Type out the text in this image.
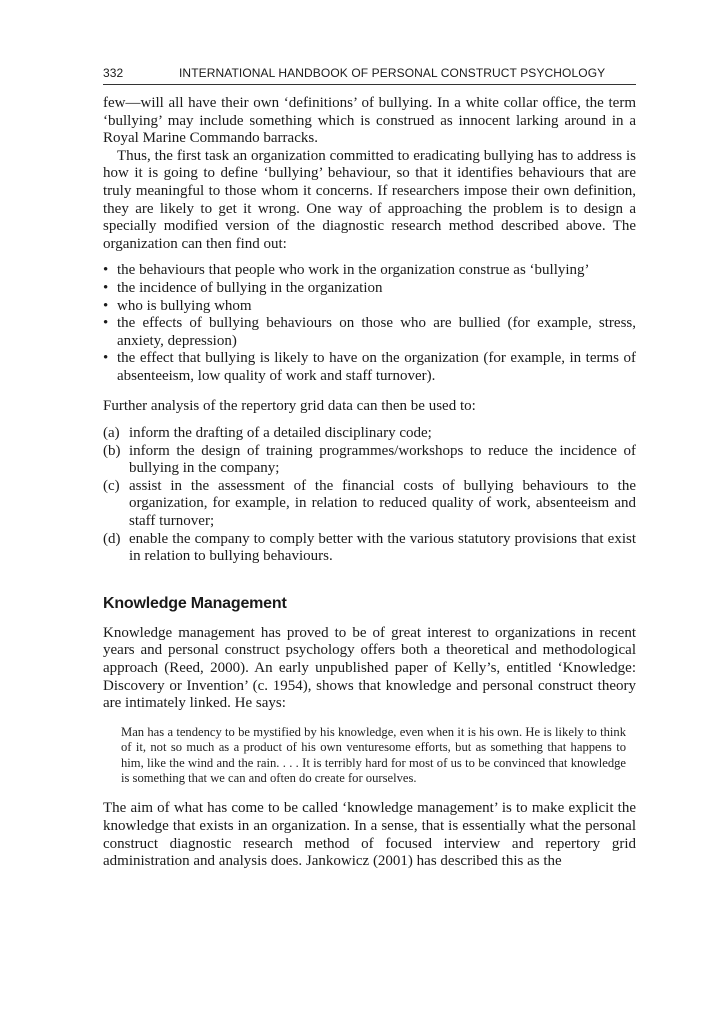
332	INTERNATIONAL HANDBOOK OF PERSONAL CONSTRUCT PSYCHOLOGY

few—will all have their own ‘definitions’ of bullying. In a white collar office, the term ‘bullying’ may include something which is construed as innocent larking around in a Royal Marine Commando barracks.

Thus, the first task an organization committed to eradicating bullying has to address is how it is going to define ‘bullying’ behaviour, so that it identifies behaviours that are truly meaningful to those whom it concerns. If researchers impose their own definition, they are likely to get it wrong. One way of approaching the problem is to design a specially modified version of the diagnostic research method described above. The organization can then find out:

• the behaviours that people who work in the organization construe as ‘bullying’
• the incidence of bullying in the organization
• who is bullying whom
• the effects of bullying behaviours on those who are bullied (for example, stress, anxiety, depression)
• the effect that bullying is likely to have on the organization (for example, in terms of absenteeism, low quality of work and staff turnover).

Further analysis of the repertory grid data can then be used to:

(a) inform the drafting of a detailed disciplinary code;
(b) inform the design of training programmes/workshops to reduce the incidence of bullying in the company;
(c) assist in the assessment of the financial costs of bullying behaviours to the organization, for example, in relation to reduced quality of work, absenteeism and staff turnover;
(d) enable the company to comply better with the various statutory provisions that exist in relation to bullying behaviours.
Knowledge Management

Knowledge management has proved to be of great interest to organizations in recent years and personal construct psychology offers both a theoretical and methodological approach (Reed, 2000). An early unpublished paper of Kelly’s, entitled ‘Knowledge: Discovery or Invention’ (c. 1954), shows that knowledge and personal construct theory are intimately linked. He says:

Man has a tendency to be mystified by his knowledge, even when it is his own. He is likely to think of it, not so much as a product of his own venturesome efforts, but as something that happens to him, like the wind and the rain. . . . It is terribly hard for most of us to be convinced that knowledge is something that we can and often do create for ourselves.

The aim of what has come to be called ‘knowledge management’ is to make explicit the knowledge that exists in an organization. In a sense, that is essentially what the personal construct diagnostic research method of focused interview and repertory grid administration and analysis does. Jankowicz (2001) has described this as the
